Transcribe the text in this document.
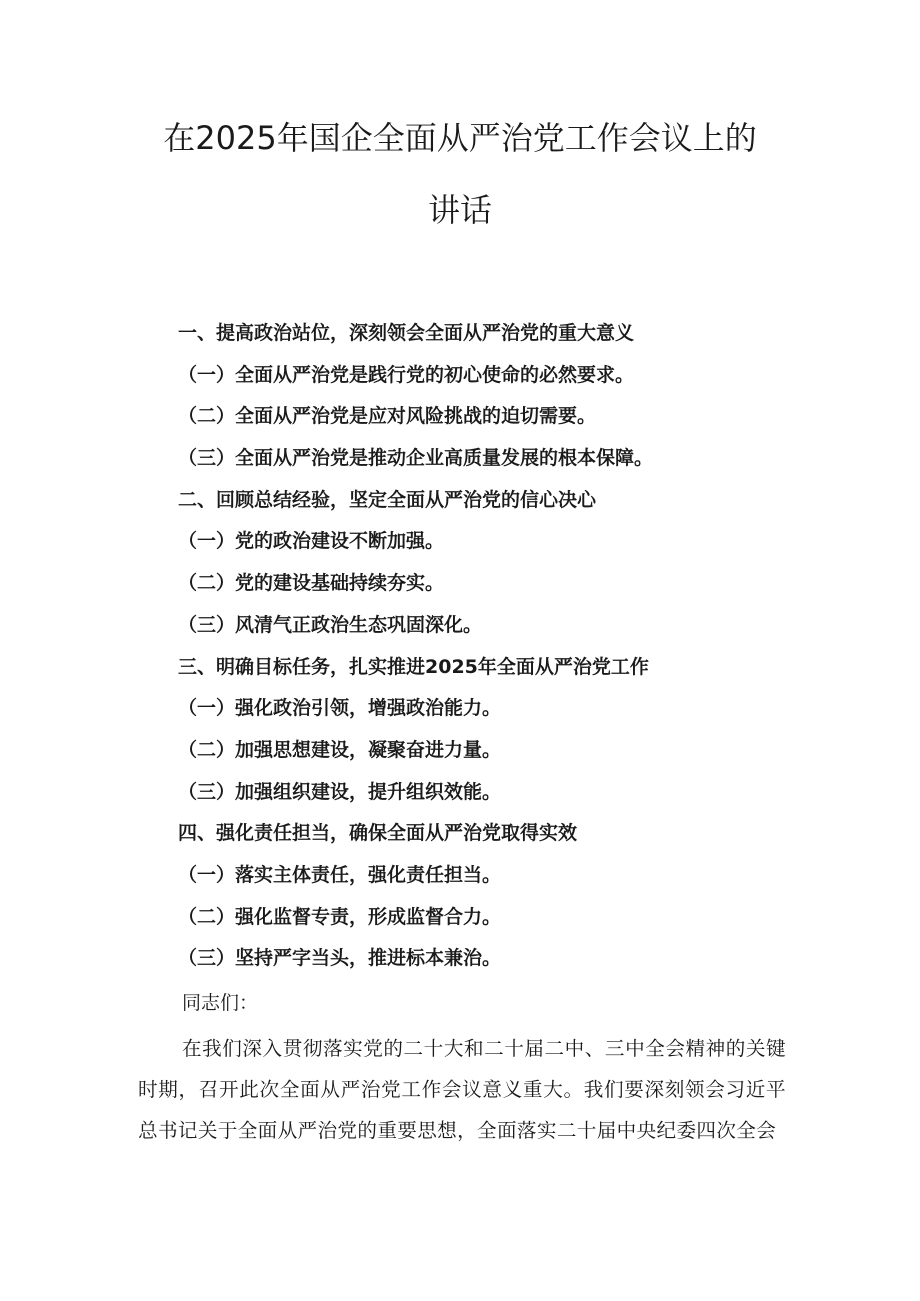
在2025年国企全面从严治党工作会议上的
讲话
一、提高政治站位，深刻领会全面从严治党的重大意义
（一）全面从严治党是践行党的初心使命的必然要求。
（二）全面从严治党是应对风险挑战的迫切需要。
（三）全面从严治党是推动企业高质量发展的根本保障。
二、回顾总结经验，坚定全面从严治党的信心决心
（一）党的政治建设不断加强。
（二）党的建设基础持续夯实。
（三）风清气正政治生态巩固深化。
三、明确目标任务，扎实推进2025年全面从严治党工作
（一）强化政治引领，增强政治能力。
（二）加强思想建设，凝聚奋进力量。
（三）加强组织建设，提升组织效能。
四、强化责任担当，确保全面从严治党取得实效
（一）落实主体责任，强化责任担当。
（二）强化监督专责，形成监督合力。
（三）坚持严字当头，推进标本兼治。

同志们：

在我们深入贯彻落实党的二十大和二十届二中、三中全会精神的关键时期，召开此次全面从严治党工作会议意义重大。我们要深刻领会习近平总书记关于全面从严治党的重要思想，全面落实二十届中央纪委四次全会
